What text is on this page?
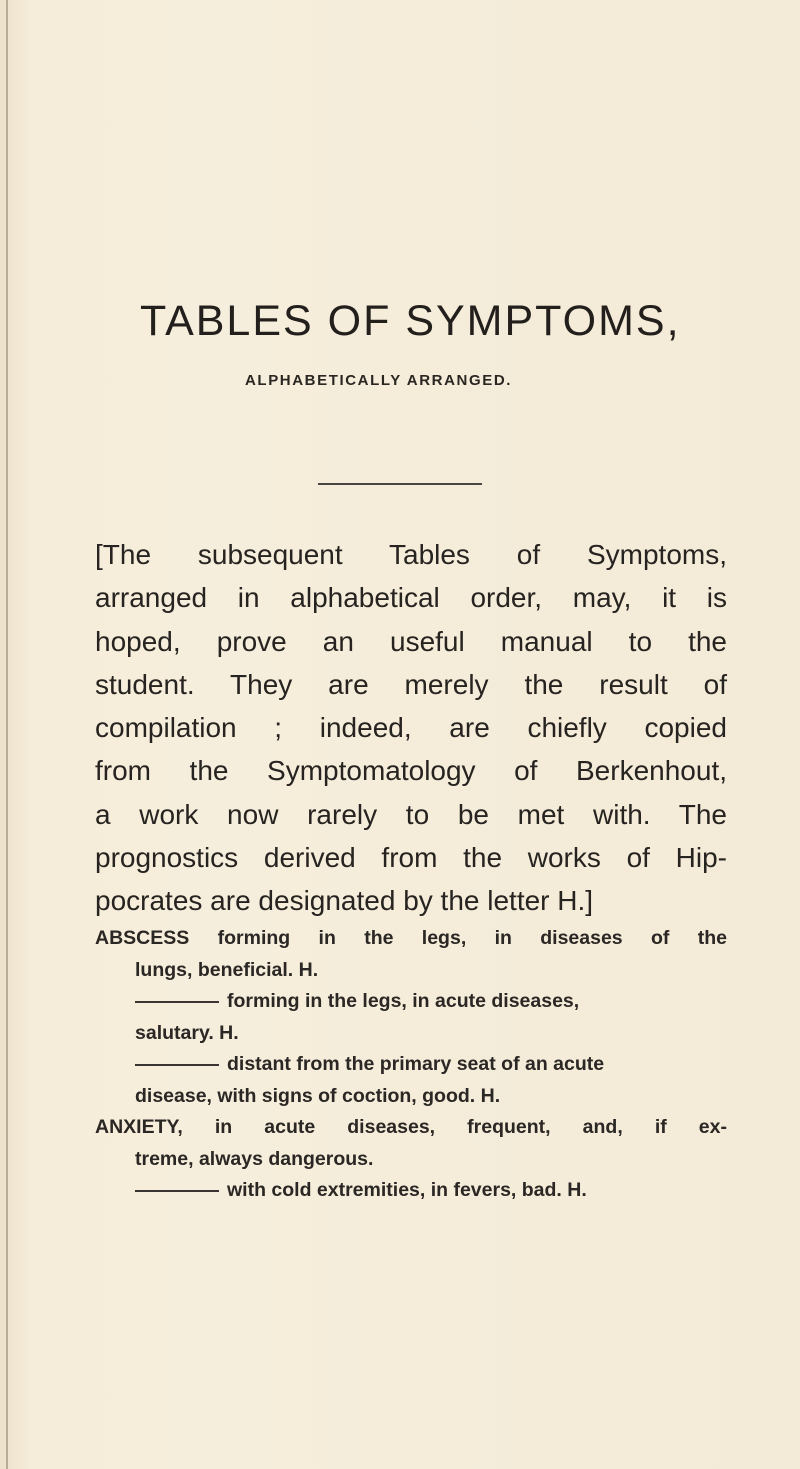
TABLES OF SYMPTOMS,
ALPHABETICALLY ARRANGED.
[The subsequent Tables of Symptoms,
arranged in alphabetical order, may, it is
hoped, prove an useful manual to the
student. They are merely the result of
compilation ; indeed, are chiefly copied
from the Symptomatology of Berkenhout,
a work now rarely to be met with. The
prognostics derived from the works of Hip-
pocrates are designated by the letter H.]
ABSCESS forming in the legs, in diseases of the
lungs, beneficial. H.
forming in the legs, in acute diseases,
salutary. H.
distant from the primary seat of an acute
disease, with signs of coction, good. H.
ANXIETY, in acute diseases, frequent, and, if ex-
treme, always dangerous.
with cold extremities, in fevers, bad. H.
